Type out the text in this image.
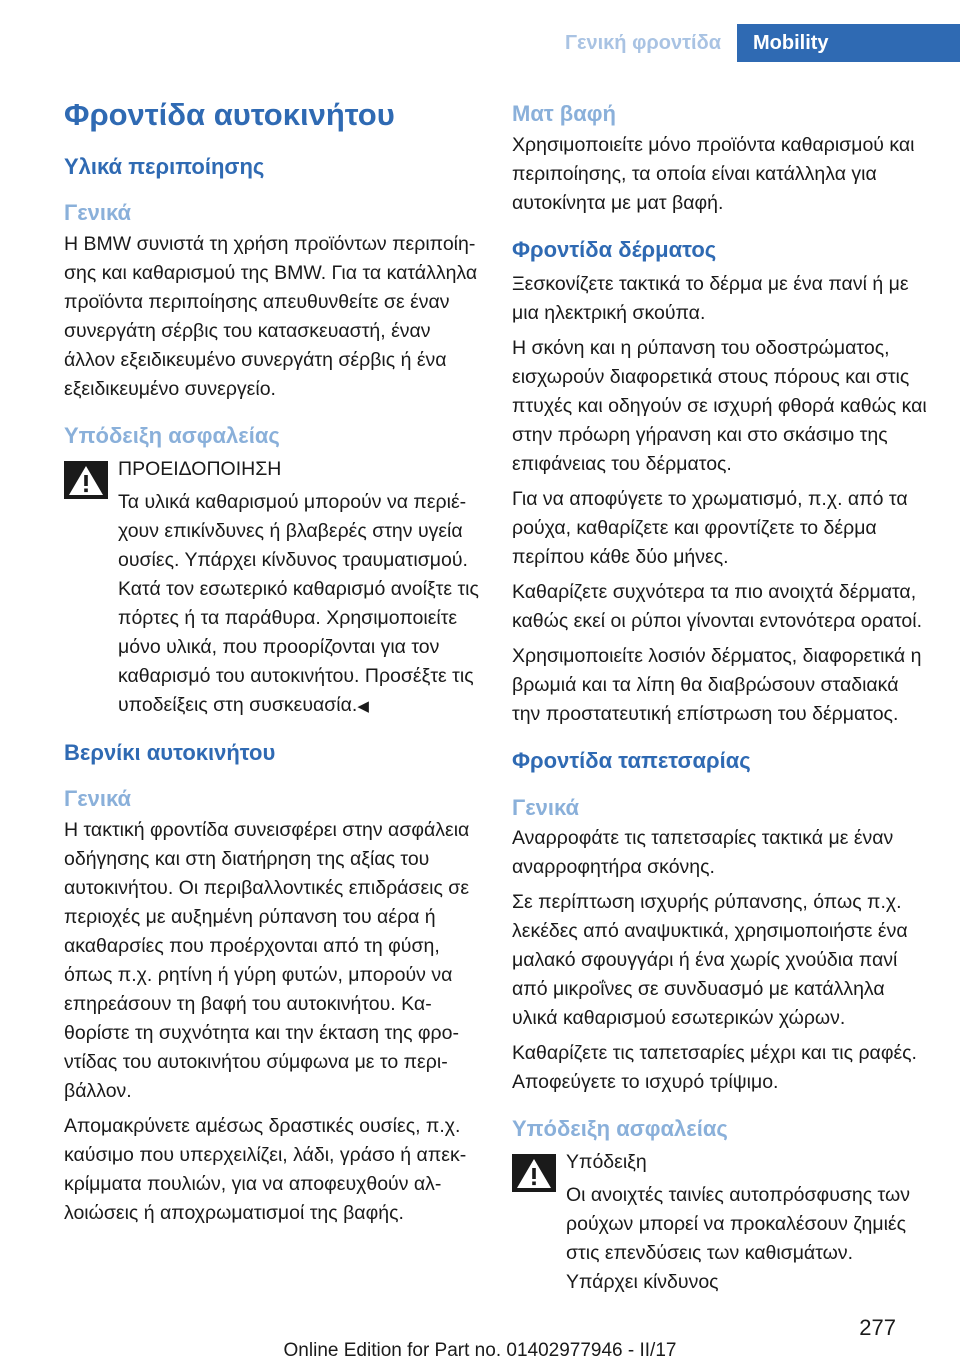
Γενική φροντίδα	Mobility
Φροντίδα αυτοκινήτου
Υλικά περιποίησης
Γενικά

Η BMW συνιστά τη χρήση προϊόντων περιποίησης και καθαρισμού της BMW. Για τα κατάλληλα προϊόντα περιποίησης απευθυνθείτε σε έναν συνεργάτη σέρβις του κατασκευαστή, έναν άλλον εξειδικευμένο συνεργάτη σέρβις ή ένα εξειδικευμένο συνεργείο.

Υπόδειξη ασφαλείας

ΠΡΟΕΙΔΟΠΟΙΗΣΗ

Τα υλικά καθαρισμού μπορούν να περιέχουν επικίνδυνες ή βλαβερές στην υγεία ουσίες. Υπάρχει κίνδυνος τραυματισμού. Κατά τον εσωτερικό καθαρισμό ανοίξτε τις πόρτες ή τα παράθυρα. Χρησιμοποιείτε μόνο υλικά, που προορίζονται για τον καθαρισμό του αυτοκινήτου. Προσέξτε τις υποδείξεις στη συσκευασία.◀

Βερνίκι αυτοκινήτου
Γενικά

Η τακτική φροντίδα συνεισφέρει στην ασφάλεια οδήγησης και στη διατήρηση της αξίας του αυτοκινήτου. Οι περιβαλλοντικές επιδράσεις σε περιοχές με αυξημένη ρύπανση του αέρα ή ακαθαρσίες που προέρχονται από τη φύση, όπως π.χ. ρητίνη ή γύρη φυτών, μπορούν να επηρεάσουν τη βαφή του αυτοκινήτου. Καθορίστε τη συχνότητα και την έκταση της φροντίδας του αυτοκινήτου σύμφωνα με το περιβάλλον.

Απομακρύνετε αμέσως δραστικές ουσίες, π.χ. καύσιμο που υπερχειλίζει, λάδι, γράσο ή απεκκρίμματα πουλιών, για να αποφευχθούν αλλοιώσεις ή αποχρωματισμοί της βαφής.

Ματ βαφή

Χρησιμοποιείτε μόνο προϊόντα καθαρισμού και περιποίησης, τα οποία είναι κατάλληλα για αυτοκίνητα με ματ βαφή.

Φροντίδα δέρματος

Ξεσκονίζετε τακτικά το δέρμα με ένα πανί ή με μια ηλεκτρική σκούπα.

Η σκόνη και η ρύπανση του οδοστρώματος, εισχωρούν διαφορετικά στους πόρους και στις πτυχές και οδηγούν σε ισχυρή φθορά καθώς και στην πρόωρη γήρανση και στο σκάσιμο της επιφάνειας του δέρματος.

Για να αποφύγετε το χρωματισμό, π.χ. από τα ρούχα, καθαρίζετε και φροντίζετε το δέρμα περίπου κάθε δύο μήνες.

Καθαρίζετε συχνότερα τα πιο ανοιχτά δέρματα, καθώς εκεί οι ρύποι γίνονται εντονότερα ορατοί.

Χρησιμοποιείτε λοσιόν δέρματος, διαφορετικά η βρωμιά και τα λίπη θα διαβρώσουν σταδιακά την προστατευτική επίστρωση του δέρματος.

Φροντίδα ταπετσαρίας
Γενικά

Αναρροφάτε τις ταπετσαρίες τακτικά με έναν αναρροφητήρα σκόνης.

Σε περίπτωση ισχυρής ρύπανσης, όπως π.χ. λεκέδες από αναψυκτικά, χρησιμοποιήστε ένα μαλακό σφουγγάρι ή ένα χωρίς χνούδια πανί από μικροΐνες σε συνδυασμό με κατάλληλα υλικά καθαρισμού εσωτερικών χώρων.

Καθαρίζετε τις ταπετσαρίες μέχρι και τις ραφές. Αποφεύγετε το ισχυρό τρίψιμο.

Υπόδειξη ασφαλείας

Υπόδειξη

Οι ανοιχτές ταινίες αυτοπρόσφυσης των ρούχων μπορεί να προκαλέσουν ζημιές στις επενδύσεις των καθισμάτων. Υπάρχει κίνδυνος

277
Online Edition for Part no. 01402977946 - II/17
